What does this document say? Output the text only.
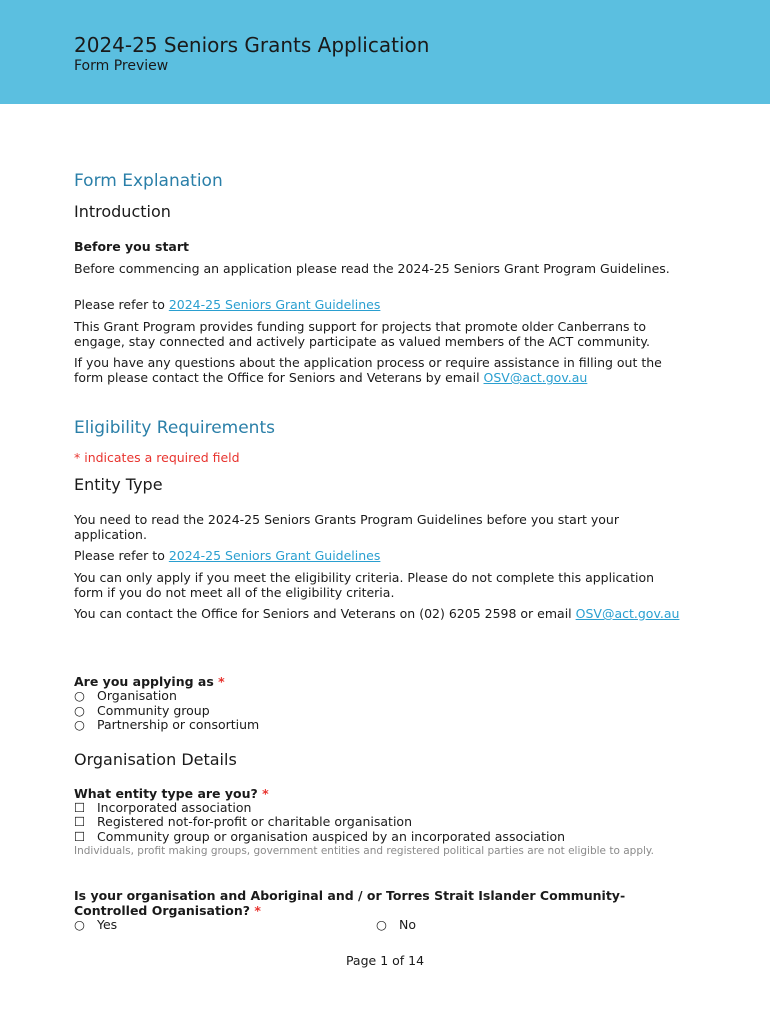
2024-25 Seniors Grants Application
Form Preview
Form Explanation
Introduction
Before you start
Before commencing an application please read the 2024-25 Seniors Grant Program Guidelines.
Please refer to 2024-25 Seniors Grant Guidelines
This Grant Program provides funding support for projects that promote older Canberrans to engage, stay connected and actively participate as valued members of the ACT community.
If you have any questions about the application process or require assistance in filling out the form please contact the Office for Seniors and Veterans by email OSV@act.gov.au
Eligibility Requirements
* indicates a required field
Entity Type
You need to read the 2024-25 Seniors Grants Program Guidelines before you start your application.
Please refer to 2024-25 Seniors Grant Guidelines
You can only apply if you meet the eligibility criteria. Please do not complete this application form if you do not meet all of the eligibility criteria.
You can contact the Office for Seniors and Veterans on (02) 6205 2598 or email OSV@act.gov.au
Are you applying as *
○ Organisation
○ Community group
○ Partnership or consortium
Organisation Details
What entity type are you? *
☐ Incorporated association
☐ Registered not-for-profit or charitable organisation
☐ Community group or organisation auspiced by an incorporated association
Individuals, profit making groups, government entities and registered political parties are not eligible to apply.
Is your organisation and Aboriginal and / or Torres Strait Islander Community-
Controlled Organisation? *
○ Yes	○ No
Page 1 of 14
